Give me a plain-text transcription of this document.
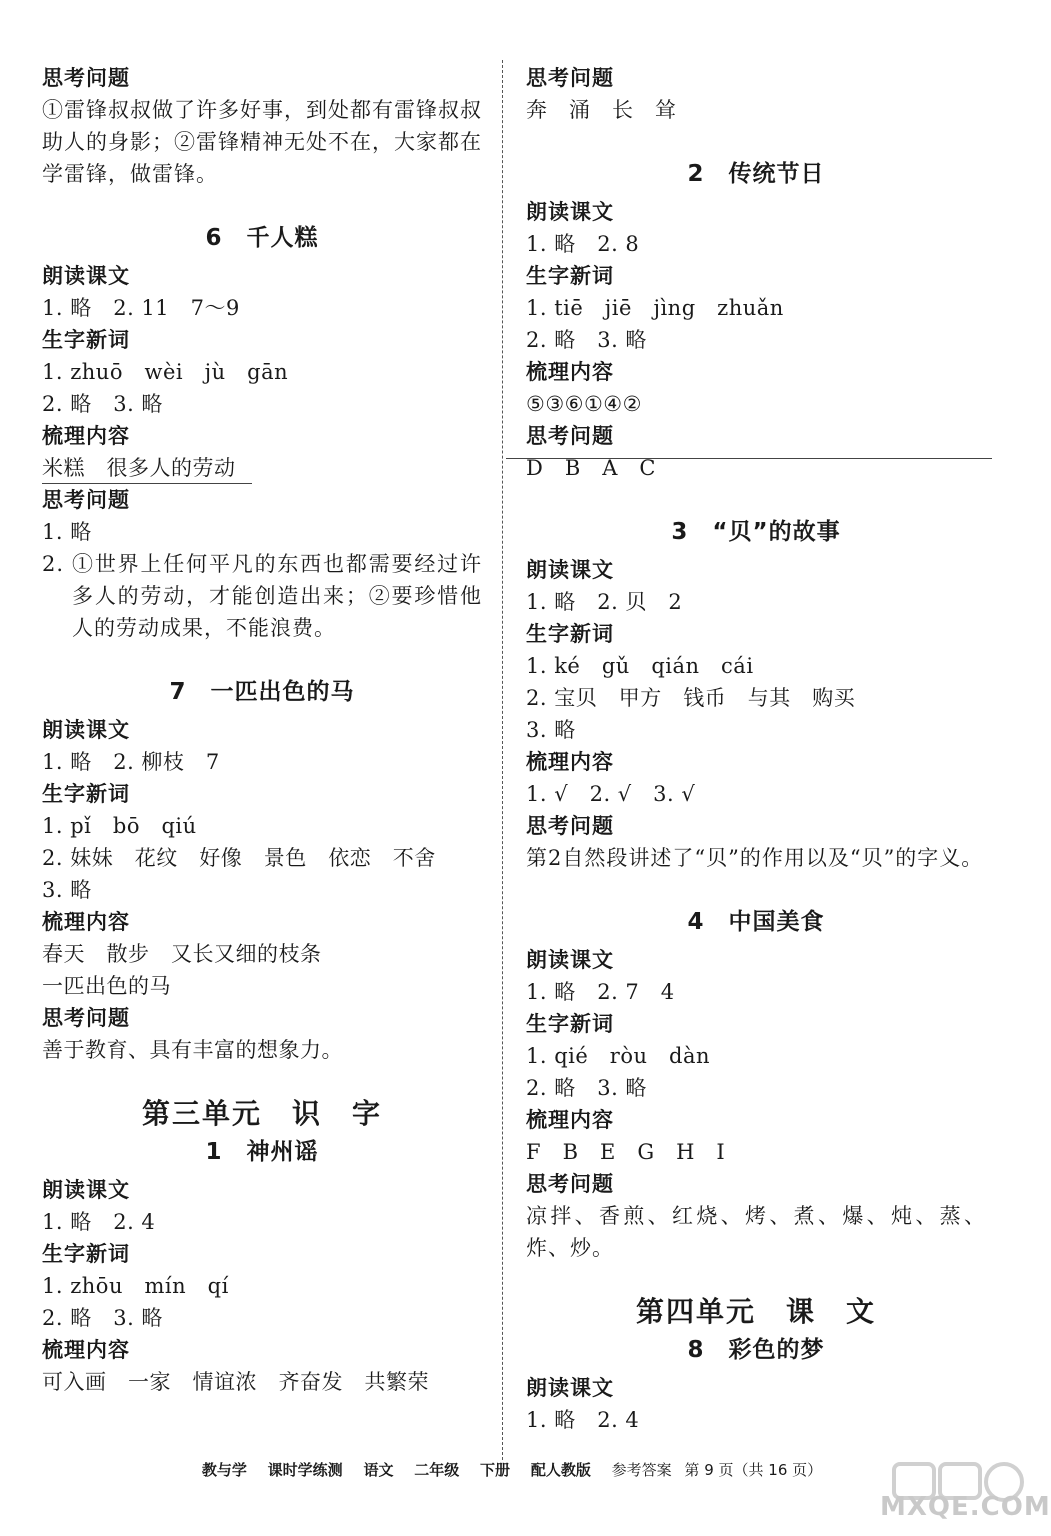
思考问题
①雷锋叔叔做了许多好事，到处都有雷锋叔叔助人的身影；②雷锋精神无处不在，大家都在学雷锋，做雷锋。
6　千人糕
朗读课文
1. 略　2. 11　7～9
生字新词
1. zhuō　wèi　jù　gān
2. 略　3. 略
梳理内容
米糕　很多人的劳动
思考问题
1. 略
2. ①世界上任何平凡的东西也都需要经过许多人的劳动，才能创造出来；②要珍惜他人的劳动成果，不能浪费。
7　一匹出色的马
朗读课文
1. 略　2. 柳枝　7
生字新词
1. pǐ　bō　qiú
2. 妹妹　花纹　好像　景色　依恋　不舍
3. 略
梳理内容
春天　散步　又长又细的枝条
一匹出色的马
思考问题
善于教育、具有丰富的想象力。
第三单元　识　字
1　神州谣
朗读课文
1. 略　2. 4
生字新词
1. zhōu　mín　qí
2. 略　3. 略
梳理内容
可入画　一家　情谊浓　齐奋发　共繁荣
思考问题
奔　涌　长　耸
2　传统节日
朗读课文
1. 略　2. 8
生字新词
1. tiē　jiē　jìng　zhuǎn
2. 略　3. 略
梳理内容
⑤③⑥①④②
思考问题
D　B　A　C
3　“贝”的故事
朗读课文
1. 略　2. 贝　2
生字新词
1. ké　gǔ　qián　cái
2. 宝贝　甲方　钱币　与其　购买
3. 略
梳理内容
1. √　2. √　3. √
思考问题
第2自然段讲述了“贝”的作用以及“贝”的字义。
4　中国美食
朗读课文
1. 略　2. 7　4
生字新词
1. qié　ròu　dàn
2. 略　3. 略
梳理内容
F　B　E　G　H　I
思考问题
凉拌、香煎、红烧、烤、煮、爆、炖、蒸、炸、炒。
第四单元　课　文
8　彩色的梦
朗读课文
1. 略　2. 4
教与学 课时学练测 语文 二年级 下册 配人教版 参考答案 第 9 页（共 16 页）
MXQE.COM
